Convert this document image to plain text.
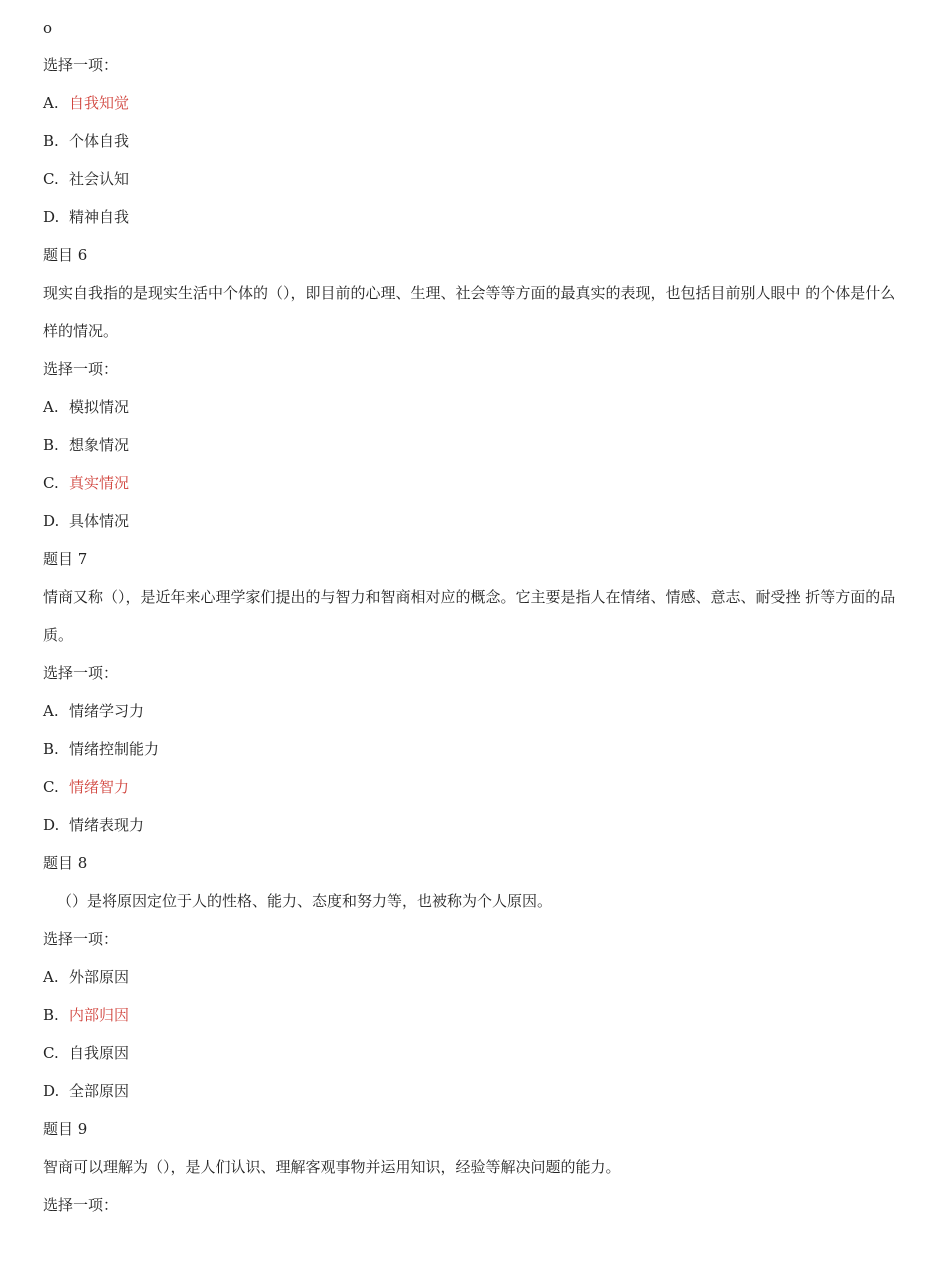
o
选择一项：
A. 自我知觉
B. 个体自我
C. 社会认知
D. 精神自我
题目 6
现实自我指的是现实生活中个体的（），即目前的心理、生理、社会等等方面的最真实的表现，也包括目前别人眼中 的个体是什么样的情况。
选择一项：
A. 模拟情况
B. 想象情况
C. 真实情况
D. 具体情况
题目 7
情商又称（），是近年来心理学家们提出的与智力和智商相对应的概念。它主要是指人在情绪、情感、意志、耐受挫 折等方面的品质。
选择一项：
A. 情绪学习力
B. 情绪控制能力
C. 情绪智力
D. 情绪表现力
题目 8
（）是将原因定位于人的性格、能力、态度和努力等，也被称为个人原因。
选择一项：
A. 外部原因
B. 内部归因
C. 自我原因
D. 全部原因
题目 9
智商可以理解为（），是人们认识、理解客观事物并运用知识，经验等解决问题的能力。
选择一项：
